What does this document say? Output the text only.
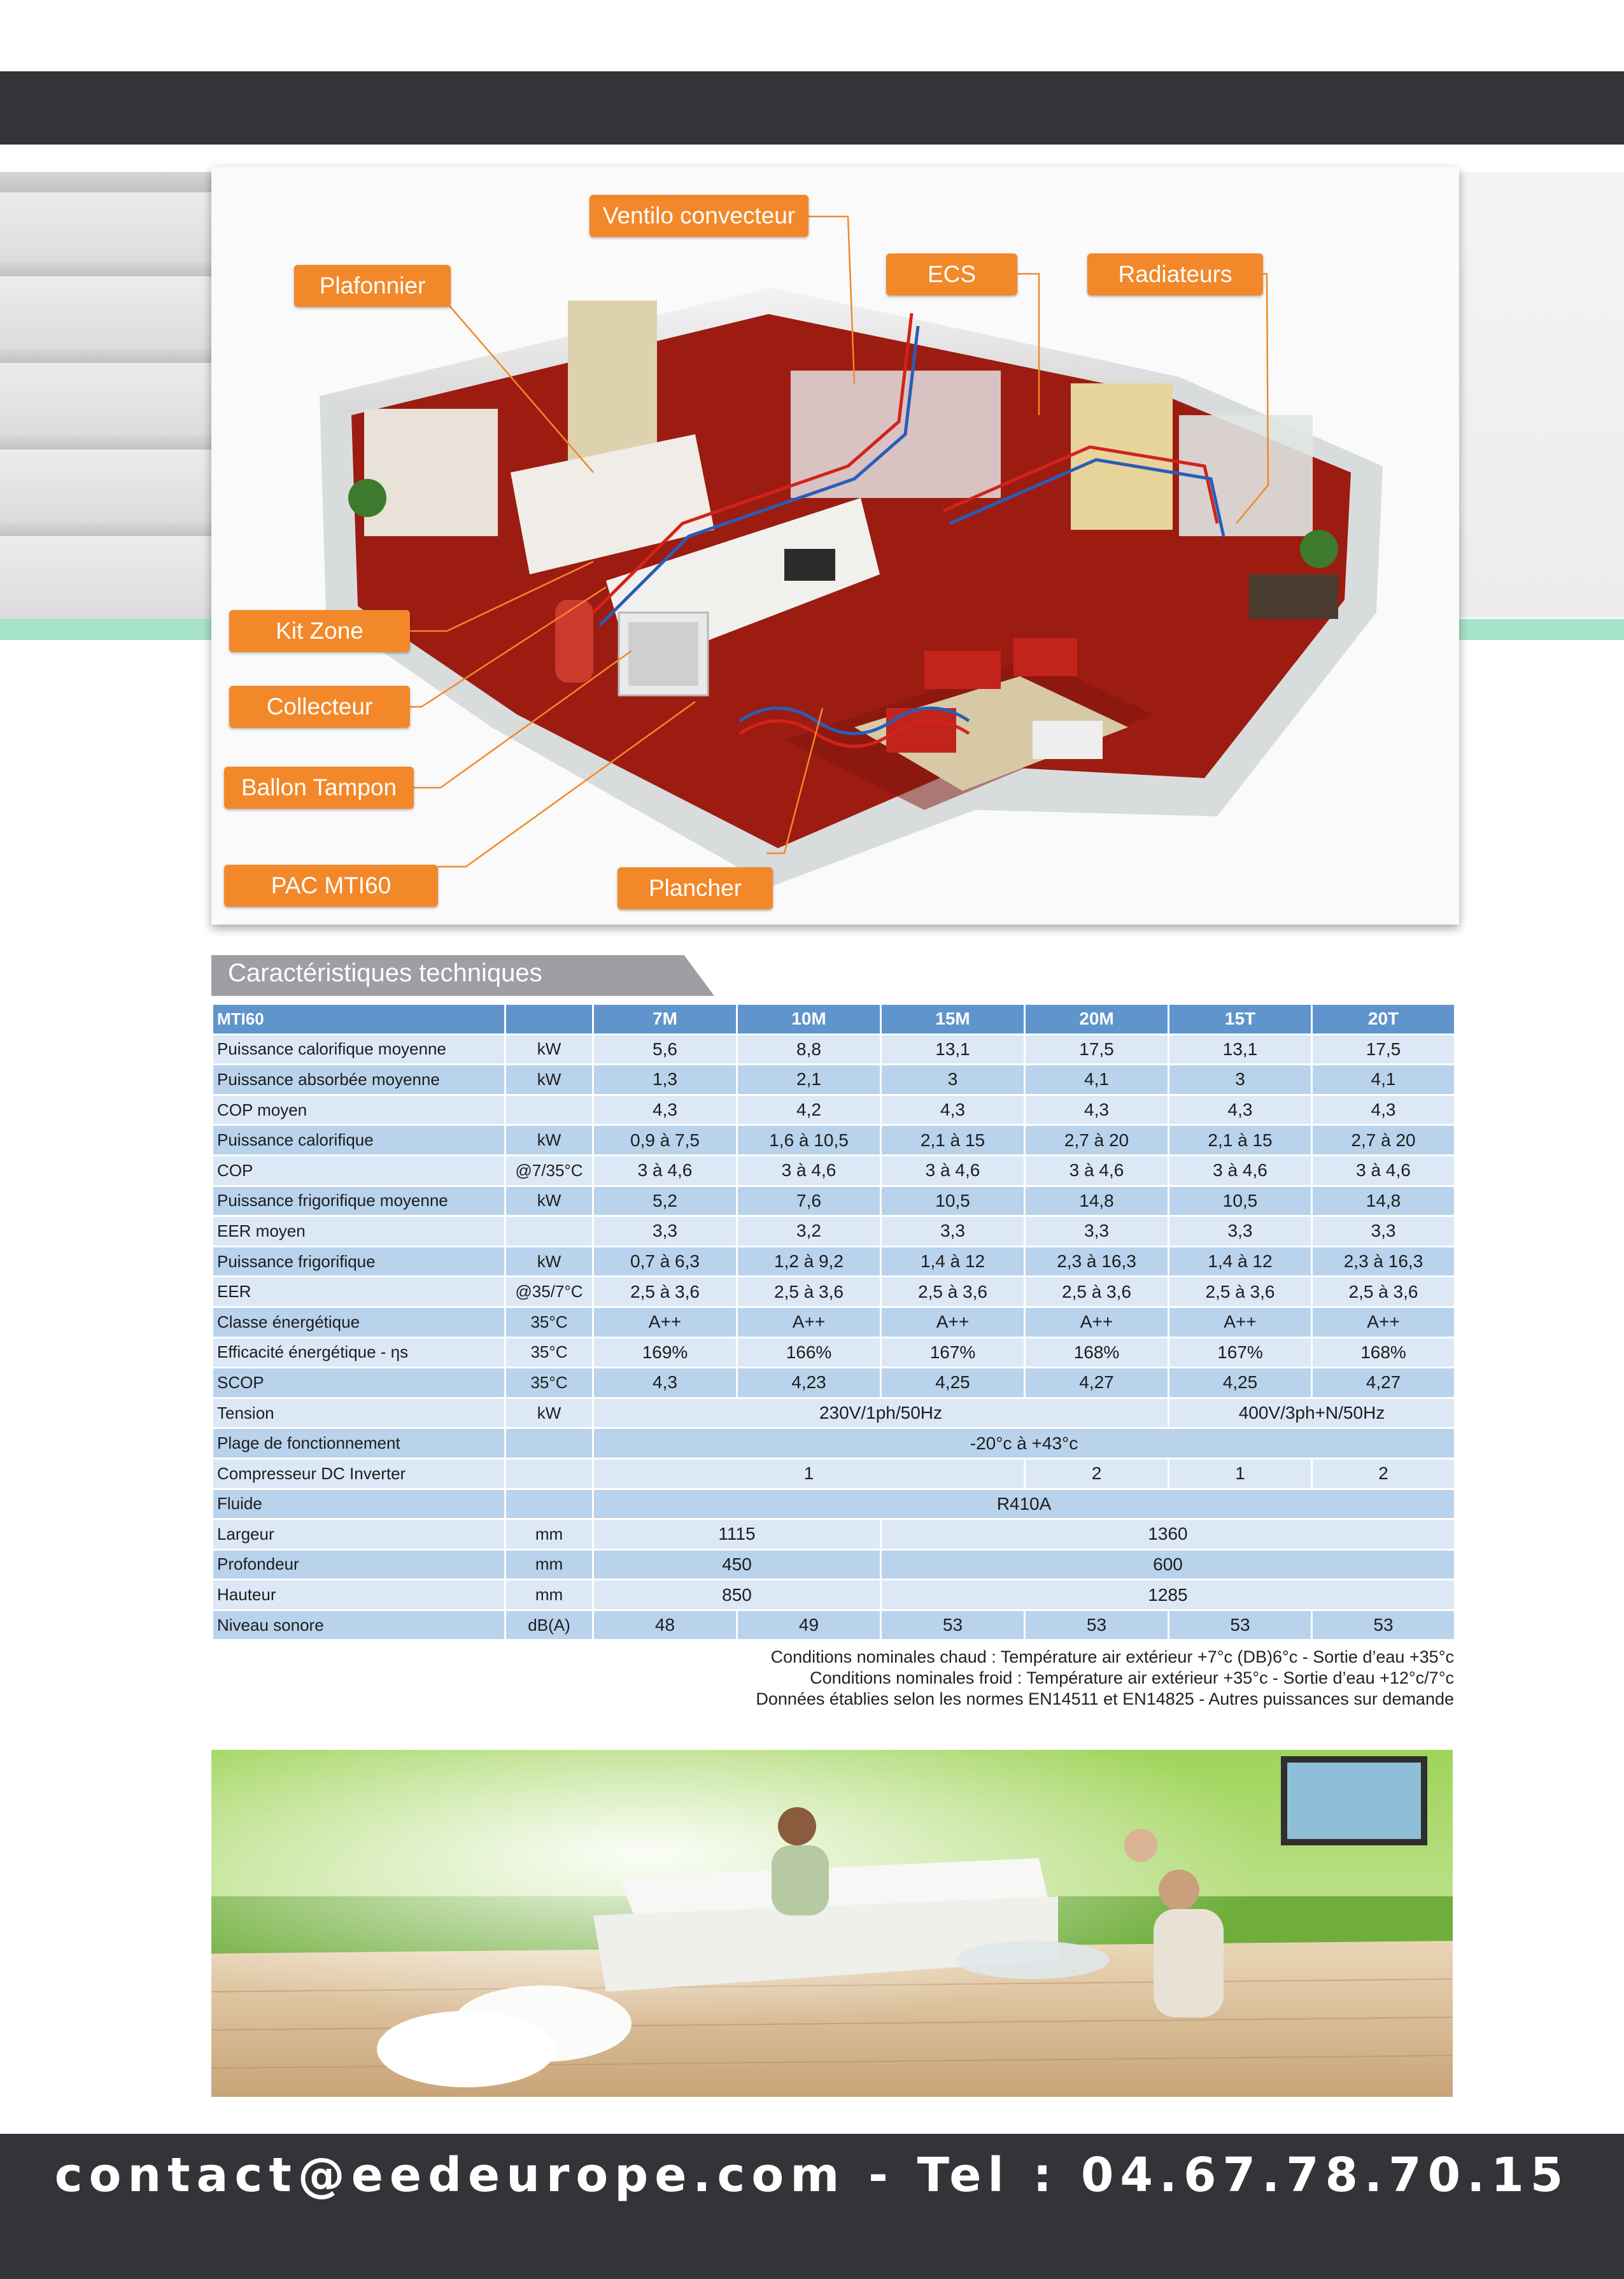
Ventilo convecteur
Plafonnier	ECS	Radiateurs
Kit Zone
Collecteur
Ballon Tampon
PAC MTI60	Plancher
Caractéristiques techniques
MTI60		7M	10M	15M	20M	15T	20T
Puissance calorifique moyenne	kW	5,6	8,8	13,1	17,5	13,1	17,5
Puissance absorbée moyenne	kW	1,3	2,1	3	4,1	3	4,1
COP moyen		4,3	4,2	4,3	4,3	4,3	4,3
Puissance calorifique	kW	0,9 à 7,5	1,6 à 10,5	2,1 à 15	2,7 à 20	2,1 à 15	2,7 à 20
COP	@7/35°C	3 à 4,6	3 à 4,6	3 à 4,6	3 à 4,6	3 à 4,6	3 à 4,6
Puissance frigorifique moyenne	kW	5,2	7,6	10,5	14,8	10,5	14,8
EER moyen		3,3	3,2	3,3	3,3	3,3	3,3
Puissance frigorifique	kW	0,7 à 6,3	1,2 à 9,2	1,4 à 12	2,3 à 16,3	1,4 à 12	2,3 à 16,3
EER	@35/7°C	2,5 à 3,6	2,5 à 3,6	2,5 à 3,6	2,5 à 3,6	2,5 à 3,6	2,5 à 3,6
Classe énergétique	35°C	A++	A++	A++	A++	A++	A++
Efficacité énergétique - ηs	35°C	169%	166%	167%	168%	167%	168%
SCOP	35°C	4,3	4,23	4,25	4,27	4,25	4,27
Tension	kW	230V/1ph/50Hz				400V/3ph+N/50Hz	
Plage de fonctionnement		-20°c à +43°c					
Compresseur DC Inverter		1			2	1	2
Fluide		R410A					
Largeur	mm	1115		1360			
Profondeur	mm	450		600			
Hauteur	mm	850		1285			
Niveau sonore	dB(A)	48	49	53	53	53	53
Conditions nominales chaud : Température air extérieur +7°c (DB)6°c - Sortie d’eau +35°c
Conditions nominales froid : Température air extérieur +35°c - Sortie d’eau +12°c/7°c
Données établies selon les normes EN14511 et EN14825 - Autres puissances sur demande
contact@eedeurope.com - Tel : 04.67.78.70.15
